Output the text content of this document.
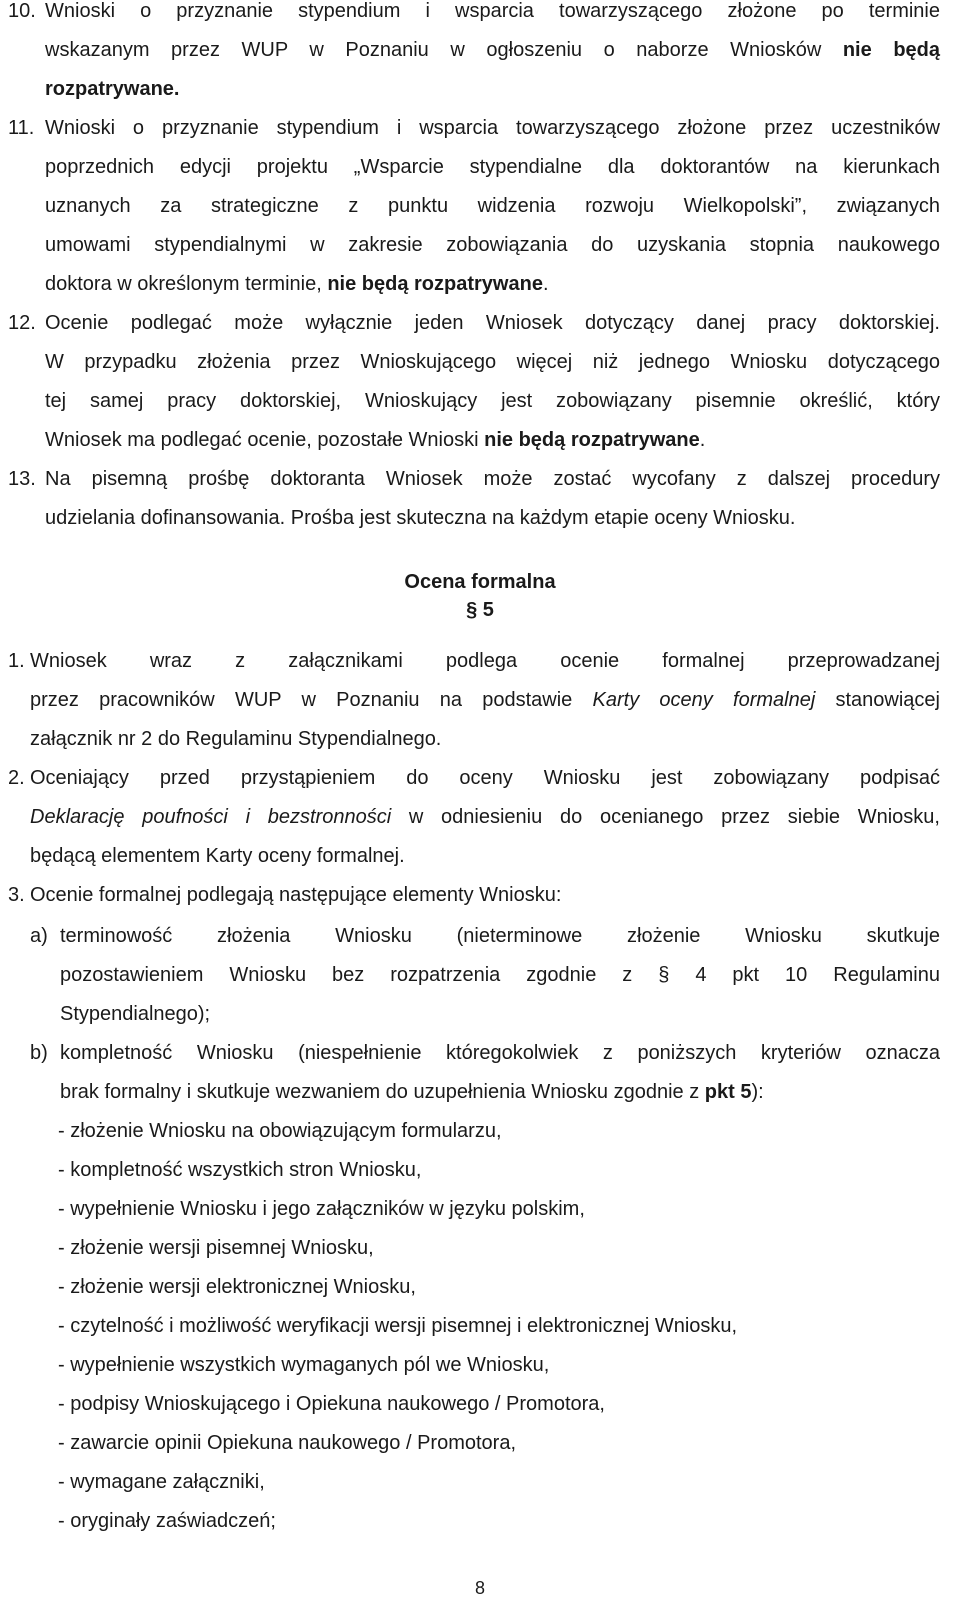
10. Wnioski o przyznanie stypendium i wsparcia towarzyszącego złożone po terminie
wskazanym przez WUP w Poznaniu w ogłoszeniu o naborze Wniosków nie będą
rozpatrywane.
11. Wnioski o przyznanie stypendium i wsparcia towarzyszącego złożone przez uczestników
poprzednich edycji projektu „Wsparcie stypendialne dla doktorantów na kierunkach
uznanych za strategiczne z punktu widzenia rozwoju Wielkopolski”, związanych
umowami stypendialnymi w zakresie zobowiązania do uzyskania stopnia naukowego
doktora w określonym terminie, nie będą rozpatrywane.
12. Ocenie podlegać może wyłącznie jeden Wniosek dotyczący danej pracy doktorskiej.
W przypadku złożenia przez Wnioskującego więcej niż jednego Wniosku dotyczącego
tej samej pracy doktorskiej, Wnioskujący jest zobowiązany pisemnie określić, który
Wniosek ma podlegać ocenie, pozostałe Wnioski nie będą rozpatrywane.
13. Na pisemną prośbę doktoranta Wniosek może zostać wycofany z dalszej procedury
udzielania dofinansowania. Prośba jest skuteczna na każdym etapie oceny Wniosku.
Ocena formalna
§ 5
1. Wniosek wraz z załącznikami podlega ocenie formalnej przeprowadzanej
przez pracowników WUP w Poznaniu na podstawie Karty oceny formalnej stanowiącej
załącznik nr 2 do Regulaminu Stypendialnego.
2. Oceniający przed przystąpieniem do oceny Wniosku jest zobowiązany podpisać
Deklarację poufności i bezstronności w odniesieniu do ocenianego przez siebie Wniosku,
będącą elementem Karty oceny formalnej.
3. Ocenie formalnej podlegają następujące elementy Wniosku:
a) terminowość złożenia Wniosku (nieterminowe złożenie Wniosku skutkuje
pozostawieniem Wniosku bez rozpatrzenia zgodnie z § 4 pkt 10 Regulaminu
Stypendialnego);
b) kompletność Wniosku (niespełnienie któregokolwiek z poniższych kryteriów oznacza
brak formalny i skutkuje wezwaniem do uzupełnienia Wniosku zgodnie z pkt 5):
- złożenie Wniosku na obowiązującym formularzu,
- kompletność wszystkich stron Wniosku,
- wypełnienie Wniosku i jego załączników w języku polskim,
- złożenie wersji pisemnej Wniosku,
- złożenie wersji elektronicznej Wniosku,
- czytelność i możliwość weryfikacji wersji pisemnej i elektronicznej Wniosku,
- wypełnienie wszystkich wymaganych pól we Wniosku,
- podpisy Wnioskującego i Opiekuna naukowego / Promotora,
- zawarcie opinii Opiekuna naukowego / Promotora,
- wymagane załączniki,
- oryginały zaświadczeń;
8
